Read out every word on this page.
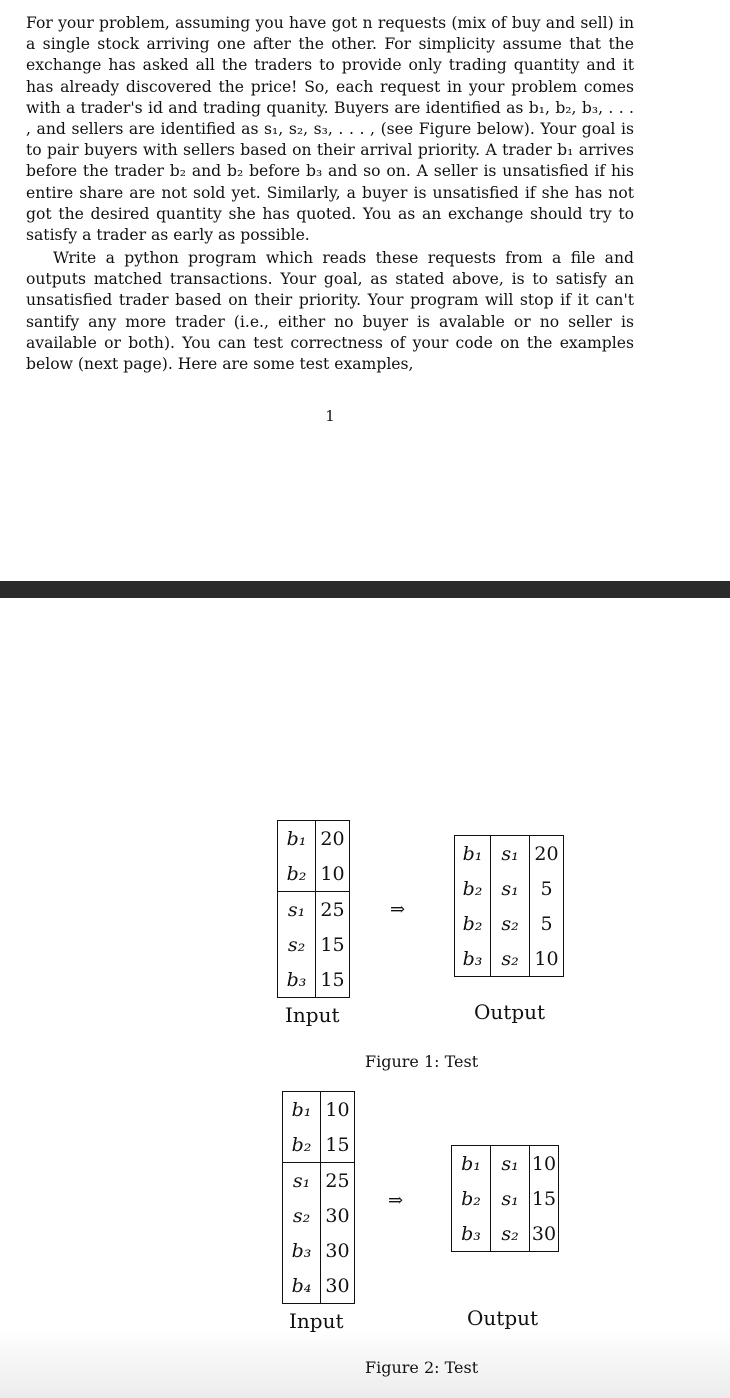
For your problem, assuming you have got n requests (mix of buy and sell) in a single stock arriving one after the other. For simplicity assume that the exchange has asked all the traders to provide only trading quantity and it has already discovered the price! So, each request in your problem comes with a trader's id and trading quanity. Buyers are identified as b₁, b₂, b₃, . . . , and sellers are identified as s₁, s₂, s₃, . . . , (see Figure below). Your goal is to pair buyers with sellers based on their arrival priority. A trader b₁ arrives before the trader b₂ and b₂ before b₃ and so on. A seller is unsatisfied if his entire share are not sold yet. Similarly, a buyer is unsatisfied if she has not got the desired quantity she has quoted. You as an exchange should try to satisfy a trader as early as possible.

Write a python program which reads these requests from a file and outputs matched transactions. Your goal, as stated above, is to satisfy an unsatisfied trader based on their priority. Your program will stop if it can't santify any more trader (i.e., either no buyer is avalable or no seller is available or both). You can test correctness of your code on the examples below (next page). Here are some test examples,

1
b₁ 20
b₂ 10
s₁ 25
s₂ 15
b₃ 15
⇒
b₁ s₁ 20
b₂ s₁	5
b₂ s₂	5
b₃ s₂ 10
Input	Output
Figure 1: Test
b₁ 10
b₂ 15
s₁ 25
s₂ 30
b₃ 30
b₄ 30
⇒
b₁	s₁ 10
b₂	s₁ 15
b₃	s₂ 30
Input	Output
Figure 2: Test
